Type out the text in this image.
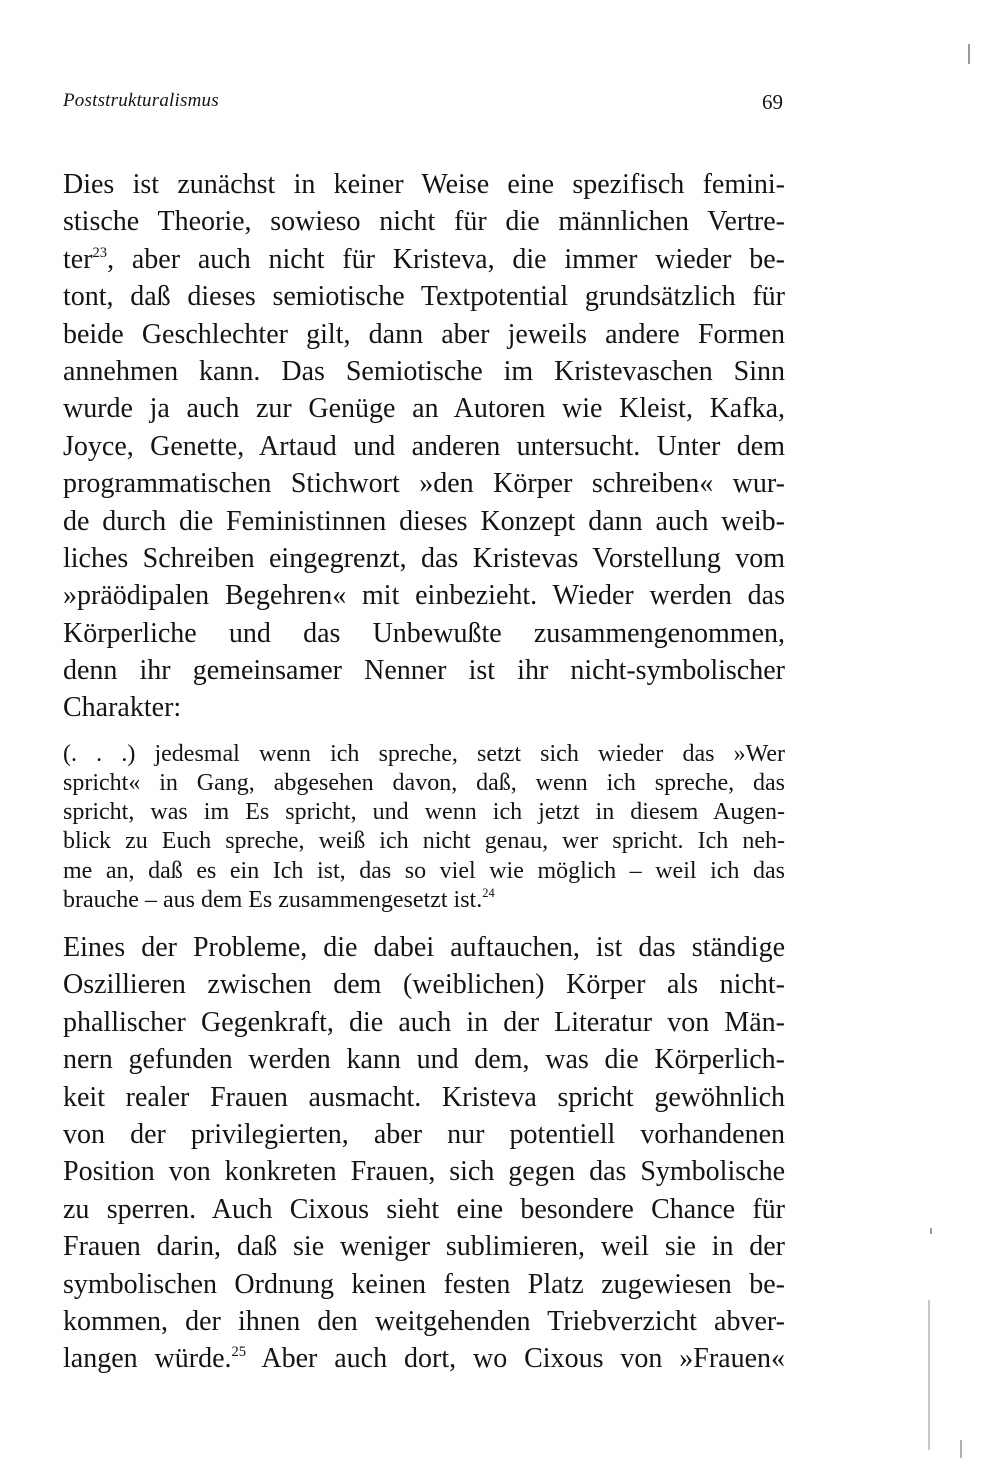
Poststrukturalismus	69
Dies ist zunächst in keiner Weise eine spezifisch femini-
stische Theorie, sowieso nicht für die männlichen Vertre-
ter$^{23}$, aber auch nicht für Kristeva, die immer wieder be-
tont, daß dieses semiotische Textpotential grundsätzlich für
beide Geschlechter gilt, dann aber jeweils andere Formen
annehmen kann. Das Semiotische im Kristevaschen Sinn
wurde ja auch zur Genüge an Autoren wie Kleist, Kafka,
Joyce, Genette, Artaud und anderen untersucht. Unter dem
programmatischen Stichwort »den Körper schreiben« wur-
de durch die Feministinnen dieses Konzept dann auch weib-
liches Schreiben eingegrenzt, das Kristevas Vorstellung vom
»präödipalen Begehren« mit einbezieht. Wieder werden das
Körperliche und das Unbewußte zusammengenommen,
denn ihr gemeinsamer Nenner ist ihr nicht-symbolischer
Charakter:
(. . .) jedesmal wenn ich spreche, setzt sich wieder das »Wer
spricht« in Gang, abgesehen davon, daß, wenn ich spreche, das
spricht, was im Es spricht, und wenn ich jetzt in diesem Augen-
blick zu Euch spreche, weiß ich nicht genau, wer spricht. Ich neh-
me an, daß es ein Ich ist, das so viel wie möglich – weil ich das
brauche – aus dem Es zusammengesetzt ist.$^{24}$
Eines der Probleme, die dabei auftauchen, ist das ständige
Oszillieren zwischen dem (weiblichen) Körper als nicht-
phallischer Gegenkraft, die auch in der Literatur von Män-
nern gefunden werden kann und dem, was die Körperlich-
keit realer Frauen ausmacht. Kristeva spricht gewöhnlich
von der privilegierten, aber nur potentiell vorhandenen
Position von konkreten Frauen, sich gegen das Symbolische
zu sperren. Auch Cixous sieht eine besondere Chance für
Frauen darin, daß sie weniger sublimieren, weil sie in der
symbolischen Ordnung keinen festen Platz zugewiesen be-
kommen, der ihnen den weitgehenden Triebverzicht abver-
langen würde.$^{25}$ Aber auch dort, wo Cixous von »Frauen«
